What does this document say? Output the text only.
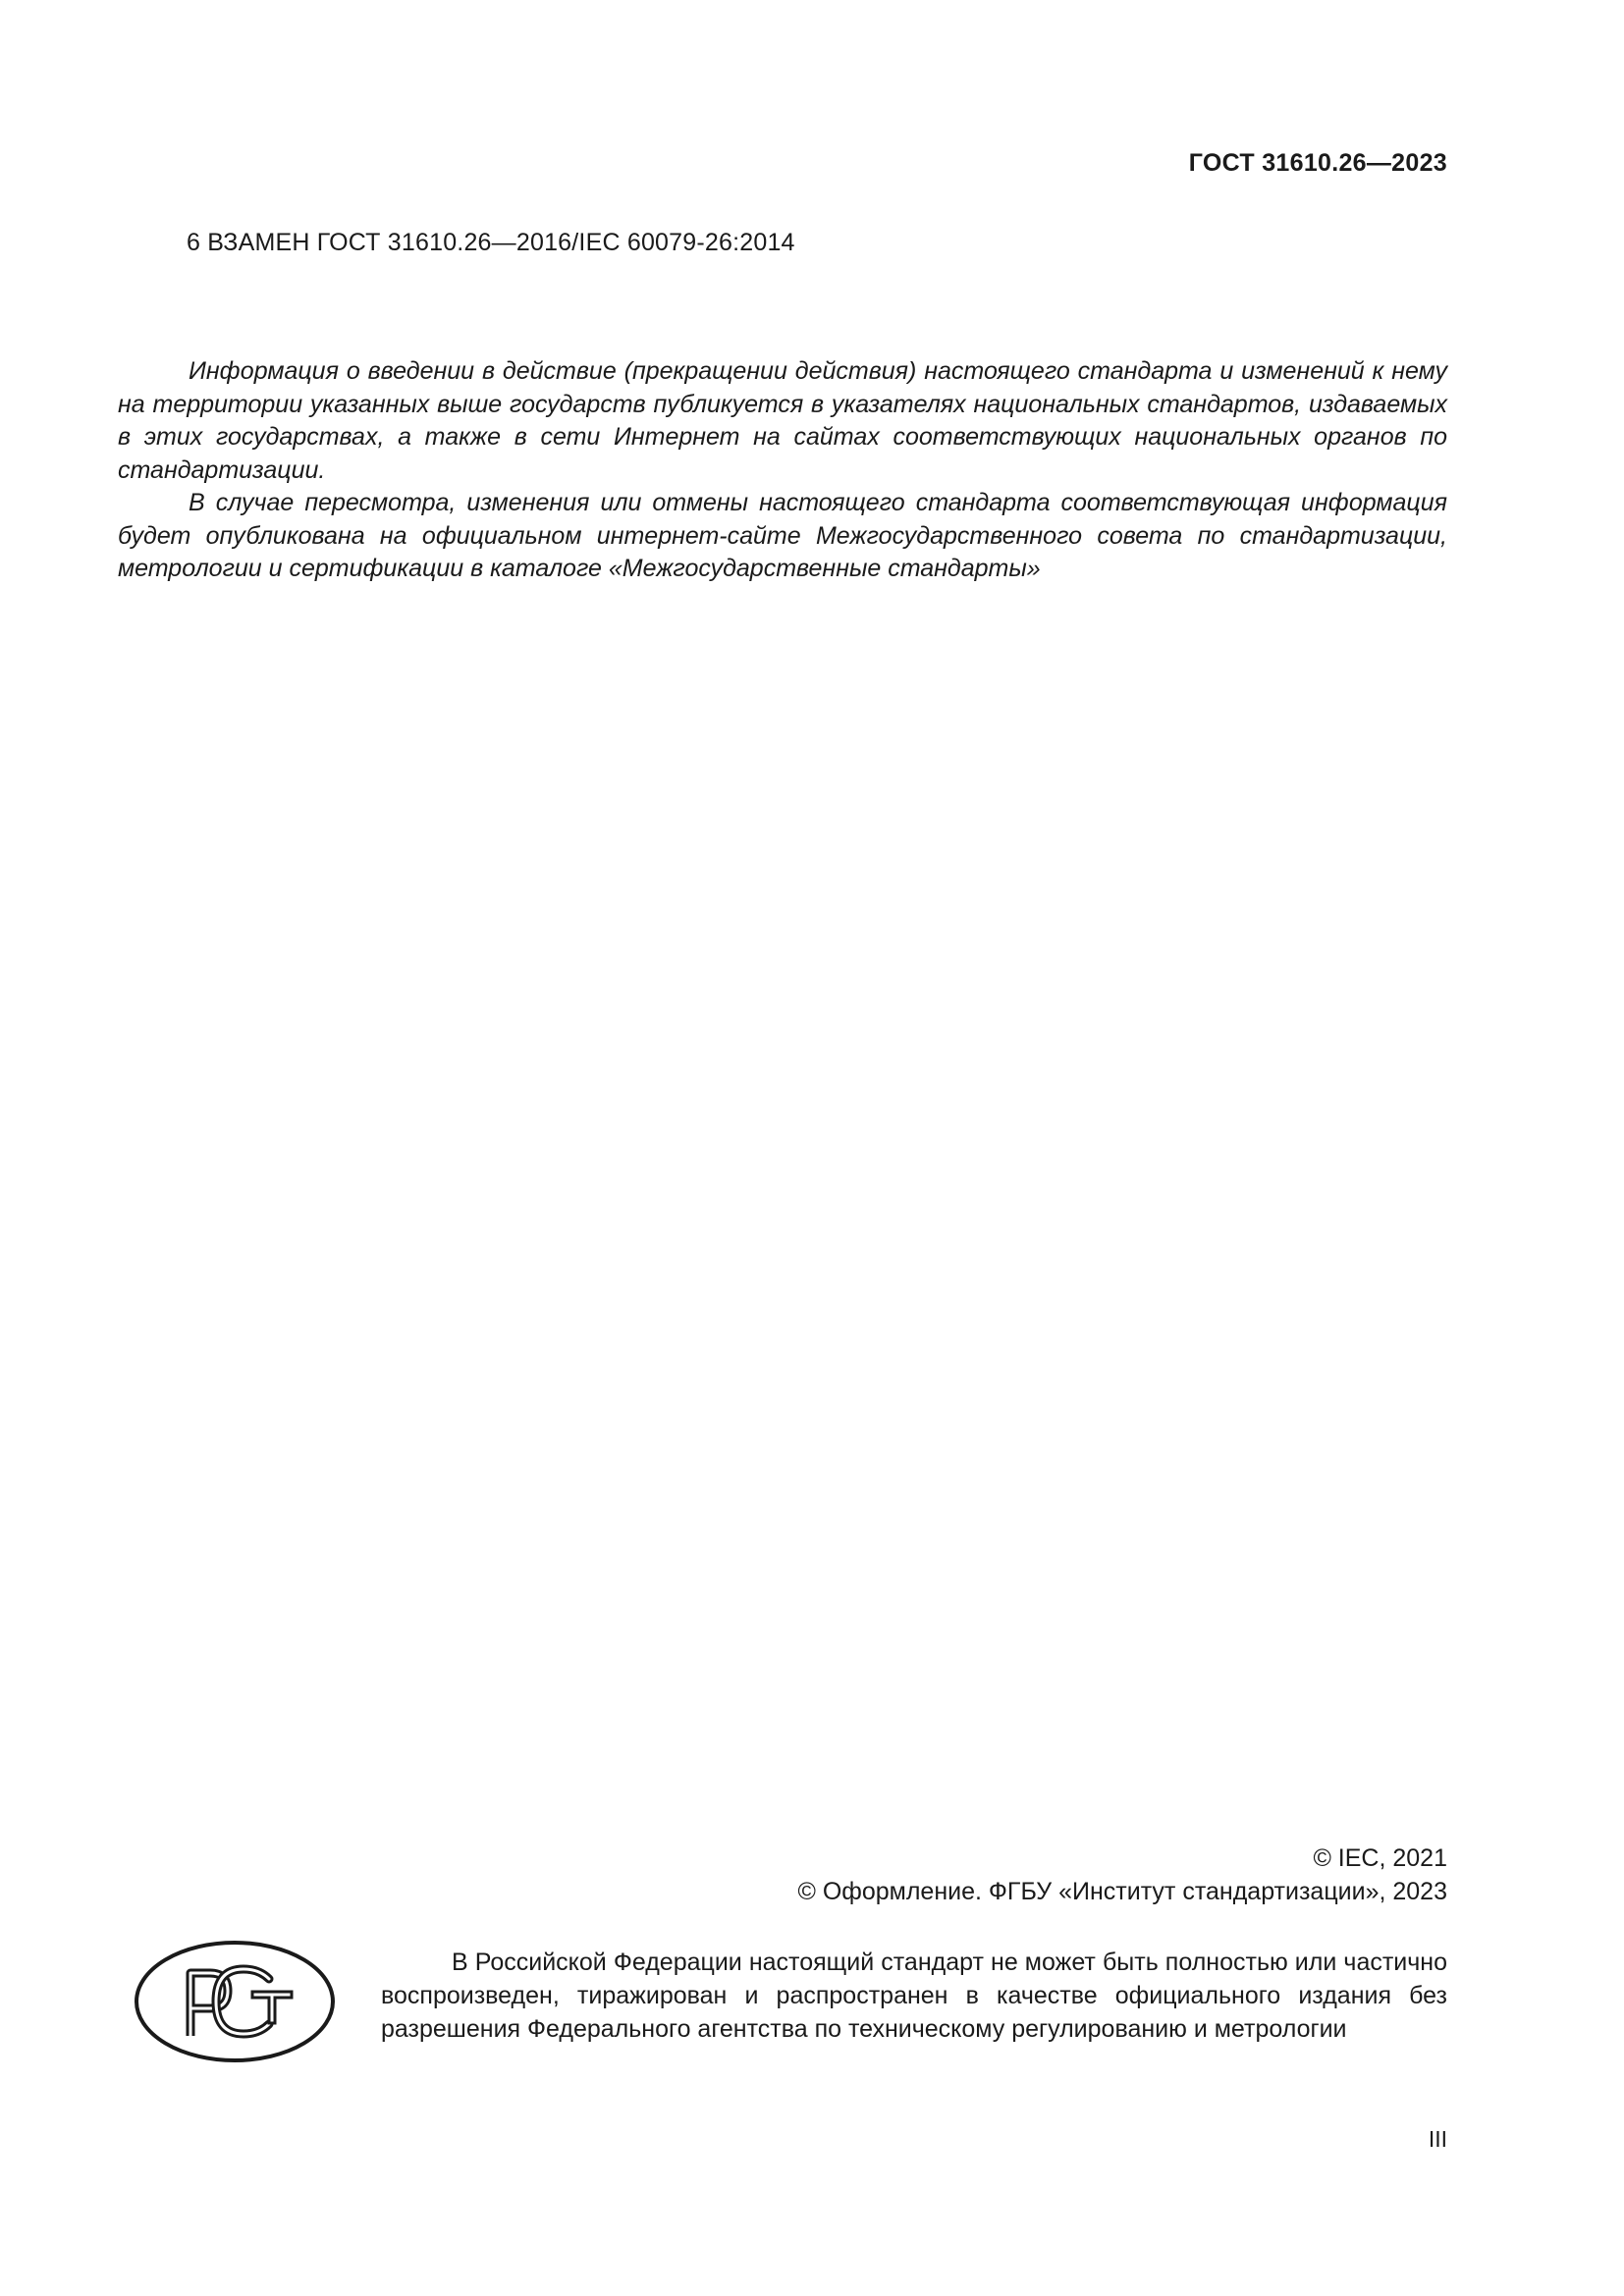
ГОСТ 31610.26—2023
6 ВЗАМЕН ГОСТ 31610.26—2016/IEC 60079-26:2014

Информация о введении в действие (прекращении действия) настоящего стандарта и изменений к нему на территории указанных выше государств публикуется в указателях национальных стандартов, издаваемых в этих государствах, а также в сети Интернет на сайтах соответствующих национальных органов по стандартизации.

В случае пересмотра, изменения или отмены настоящего стандарта соответствующая информация будет опубликована на официальном интернет-сайте Межгосударственного совета по стандартизации, метрологии и сертификации в каталоге «Межгосударственные стандарты»

© IEC, 2021
© Оформление. ФГБУ «Институт стандартизации», 2023

В Российской Федерации настоящий стандарт не может быть полностью или частично воспроизведен, тиражирован и распространен в качестве официального издания без разрешения Федерального агентства по техническому регулированию и метрологии

III
